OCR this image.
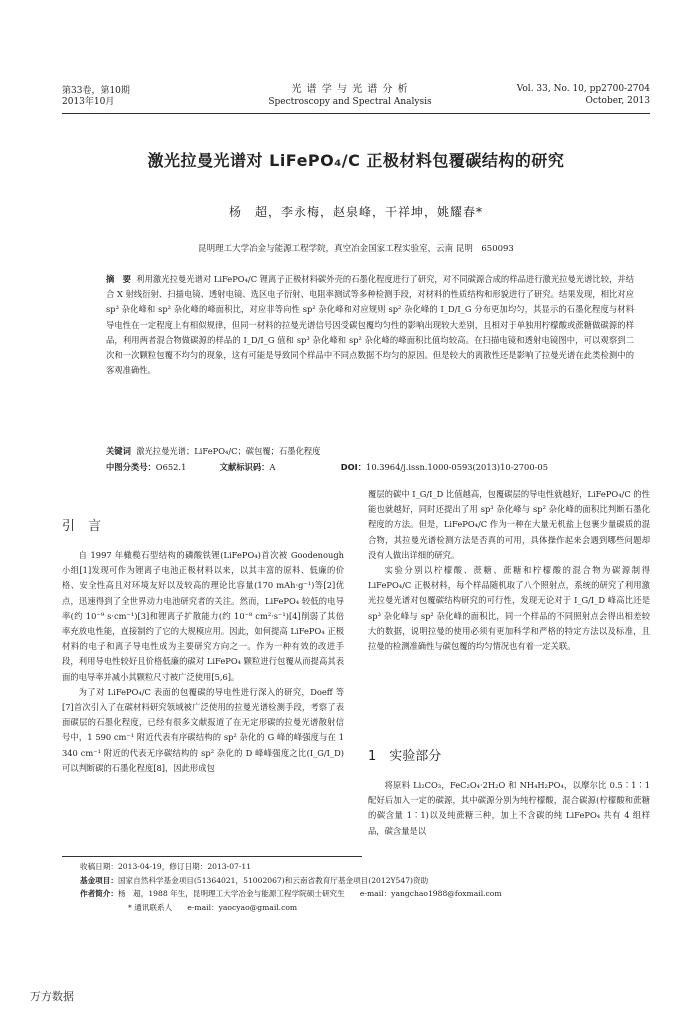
第33卷，第10期
2013年10月
光 谱 学 与 光 谱 分 析
Spectroscopy and Spectral Analysis
Vol. 33, No. 10, pp2700-2704
October, 2013
激光拉曼光谱对 LiFePO₄/C 正极材料包覆碳结构的研究
杨　超，李永梅，赵泉峰，干祥坤，姚耀春*
昆明理工大学冶金与能源工程学院，真空冶金国家工程实验室，云南 昆明　650093
摘　要 利用激光拉曼光谱对 LiFePO₄/C 锂离子正极材料碳外壳的石墨化程度进行了研究，对不同碳源合成的样品进行激光拉曼光谱比较，并结合 X 射线衍射、扫描电镜、透射电镜、选区电子衍射、电阻率测试等多种检测手段，对材料的性质结构和形貌进行了研究。结果发现，相比对应 sp³ 杂化峰和 sp² 杂化峰的峰面积比，对应非等向性 sp² 杂化峰和对应规则 sp² 杂化峰的 I_D/I_G 分布更加均匀，其显示的石墨化程度与材料导电性在一定程度上有相似规律，但同一材料的拉曼光谱信号因受碳包覆均匀性的影响出现较大差别，且相对于单独用柠檬酸或蔗糖做碳源的样品，利用两者混合物做碳源的样品的 I_D/I_G 值和 sp³ 杂化峰和 sp² 杂化峰的峰面积比值均较高。在扫描电镜和透射电镜图中，可以观察到二次和一次颗粒包覆不均匀的现象，这有可能是导致同个样品中不同点数据不均匀的原因。但是较大的离散性还是影响了拉曼光谱在此类检测中的客观准确性。
关键词 激光拉曼光谱；LiFePO₄/C；碳包覆；石墨化程度
中图分类号：O652.1	文献标识码：A	DOI：10.3964/j.issn.1000-0593(2013)10-2700-05
引　言

自 1997 年橄榄石型结构的磷酸铁锂(LiFePO₄)首次被 Goodenough 小组[1]发现可作为锂离子电池正极材料以来，以其丰富的原料、低廉的价格、安全性高且对环境友好以及较高的理论比容量(170 mAh·g⁻¹)等[2]优点，迅速得到了全世界动力电池研究者的关注。然而，LiFePO₄ 较低的电导率(约 10⁻⁹ s·cm⁻¹)[3]和锂离子扩散能力(约 10⁻⁸ cm²·s⁻¹)[4]削弱了其倍率充放电性能，直接制约了它的大规模应用。因此，如何提高 LiFePO₄ 正极材料的电子和离子导电性成为主要研究方向之一。作为一种有效的改进手段，利用导电性较好且价格低廉的碳对 LiFePO₄ 颗粒进行包覆从而提高其表面的电导率并减小其颗粒尺寸被广泛使用[5,6]。

为了对 LiFePO₄/C 表面的包覆碳的导电性进行深入的研究，Doeff 等[7]首次引入了在碳材料研究领域被广泛使用的拉曼光谱检测手段，考察了表面碳层的石墨化程度，已经有很多文献报道了在无定形碳的拉曼光谱散射信号中，1 590 cm⁻¹ 附近代表有序碳结构的 sp² 杂化的 G 峰的峰强度与在 1 340 cm⁻¹ 附近的代表无序碳结构的 sp² 杂化的 D 峰峰强度之比(I_G/I_D)可以判断碳的石墨化程度[8]，因此形成包

覆层的碳中 I_G/I_D 比值越高，包覆碳层的导电性就越好，LiFePO₄/C 的性能也就越好，同时还提出了用 sp³ 杂化峰与 sp² 杂化峰的面积比判断石墨化程度的方法。但是，LiFePO₄/C 作为一种在大量无机盐上包裹少量碳质的混合物，其拉曼光谱检测方法是否真的可用，具体操作起来会遇到哪些问题却没有人做出详细的研究。

实验分别以柠檬酸、蔗糖、蔗糖和柠檬酸的混合物为碳源制得 LiFePO₄/C 正极材料，每个样品随机取了八个照射点，系统的研究了利用激光拉曼光谱对包覆碳结构研究的可行性，发现无论对于 I_G/I_D 峰高比还是 sp³ 杂化峰与 sp² 杂化峰的面积比，同一个样品的不同照射点会得出相差较大的数据，说明拉曼的使用必须有更加科学和严格的特定方法以及标准，且拉曼的检测准确性与碳包覆的均匀情况也有着一定关联。

1　实验部分

将原料 Li₂CO₃，FeC₂O₄·2H₂O 和 NH₄H₂PO₄，以摩尔比 0.5∶1∶1 配好后加入一定的碳源，其中碳源分别为纯柠檬酸，混合碳源(柠檬酸和蔗糖的碳含量 1∶1)以及纯蔗糖三种，加上不含碳的纯 LiFePO₄ 共有 4 组样品，碳含量是以

收稿日期：2013-04-19，修订日期：2013-07-11
基金项目：国家自然科学基金项目(51364021，51002067)和云南省教育厅基金项目(2012Y547)资助
作者简介：杨　超，1988 年生，昆明理工大学冶金与能源工程学院硕士研究生　　e-mail：yangchao1988@foxmail.com
* 通讯联系人　　e-mail：yaocyao@gmail.com
万方数据
